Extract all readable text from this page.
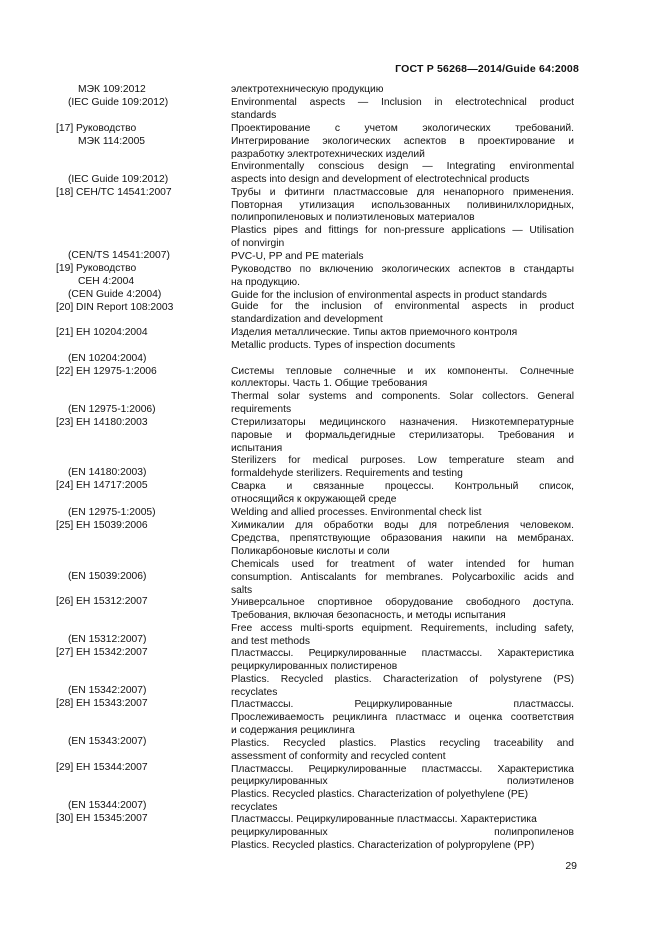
ГОСТ Р 56268—2014/Guide 64:2008
МЭК 109:2012
(IEC Guide 109:2012)
[17] Руководство
МЭК 114:2005
(IEC Guide 109:2012)
[18] CEH/TC 14541:2007
(CEN/TS 14541:2007)
[19] Руководство
CEH 4:2004
(CEN Guide 4:2004)
[20] DIN Report 108:2003
[21] EH 10204:2004
(EN 10204:2004)
[22] EH 12975-1:2006
(EN 12975-1:2006)
[23] EH 14180:2003
(EN 14180:2003)
[24] EH 14717:2005
(EN 12975-1:2005)
[25] EH 15039:2006
(EN 15039:2006)
[26] EH 15312:2007
(EN 15312:2007)
[27] EH 15342:2007
(EN 15342:2007)
[28] EH 15343:2007
(EN 15343:2007)
[29] EH 15344:2007
(EN 15344:2007)
[30] EH 15345:2007
электротехническую продукцию
Environmental aspects — Inclusion in electrotechnical product
standards
Проектирование с учетом экологических требований.
Интегрирование экологических аспектов в проектирование и
разработку электротехнических изделий
Environmentally conscious design — Integrating environmental
aspects into design and development of electrotechnical products
Трубы и фитинги пластмассовые для ненапорного применения.
Повторная утилизация использованных поливинилхлоридных,
полипропиленовых и полиэтиленовых материалов
Plastics pipes and fittings for non-pressure applications — Utilisation
of nonvirgin
PVC-U, PP and PE materials
Руководство по включению экологических аспектов в стандарты
на продукцию.
Guide for the inclusion of environmental aspects in product standards
Guide for the inclusion of environmental aspects in product
standardization and development
Изделия металлические. Типы актов приемочного контроля
Metallic products. Types of inspection documents
Системы тепловые солнечные и их компоненты. Солнечные
коллекторы. Часть 1. Общие требования
Thermal solar systems and components. Solar collectors. General
requirements
Стерилизаторы медицинского назначения. Низкотемпературные
паровые и формальдегидные стерилизаторы. Требования и
испытания
Sterilizers for medical purposes. Low temperature steam and
formaldehyde sterilizers. Requirements and testing
Сварка и связанные процессы. Контрольный список,
относящийся к окружающей среде
Welding and allied processes. Environmental check list
Химикалии для обработки воды для потребления человеком.
Средства, препятствующие образования накипи на мембранах.
Поликарбоновые кислоты и соли
Chemicals used for treatment of water intended for human
consumption. Antiscalants for membranes. Polycarboxilic acids and
salts
Универсальное спортивное оборудование свободного доступа.
Требования, включая безопасность, и методы испытания
Free access multi-sports equipment. Requirements, including safety,
and test methods
Пластмассы. Рециркулированные пластмассы. Характеристика
рециркулированных полистиренов
Plastics. Recycled plastics. Characterization of polystyrene (PS)
recyclates
Пластмассы. Рециркулированные пластмассы.
Прослеживаемость рециклинга пластмасс и оценка соответствия
и содержания рециклинга
Plastics. Recycled plastics. Plastics recycling traceability and
assessment of conformity and recycled content
Пластмассы. Рециркулированные пластмассы. Характеристика
рециркулированных полиэтиленов
Plastics. Recycled plastics. Characterization of polyethylene (PE)
recyclates
Пластмассы. Рециркулированные пластмассы. Характеристика
рециркулированных полипропиленов
Plastics. Recycled plastics. Characterization of polypropylene (PP)
29
